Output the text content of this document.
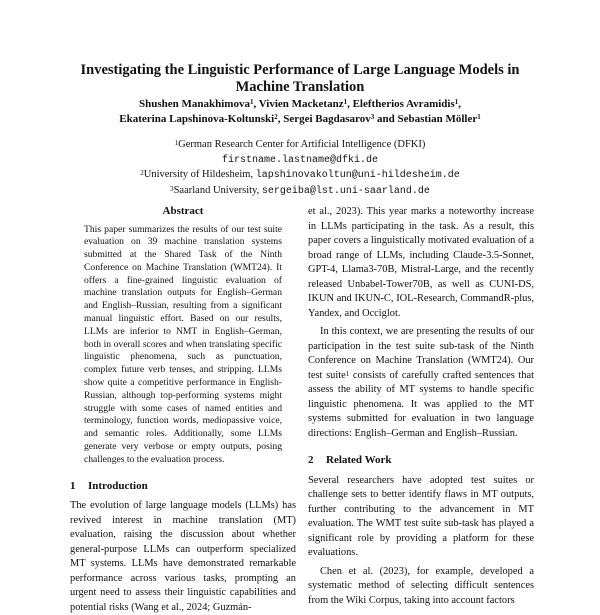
Investigating the Linguistic Performance of Large Language Models in Machine Translation
Shushen Manakhimova$^1$, Vivien Macketanz$^1$, Eleftherios Avramidis$^1$,
Ekaterina Lapshinova-Koltunski$^2$, Sergei Bagdasarov$^3$ and Sebastian Möller$^1$
$^1$German Research Center for Artificial Intelligence (DFKI)
firstname.lastname@dfki.de
$^2$University of Hildesheim, lapshinovakoltun@uni-hildesheim.de
$^3$Saarland University, sergeiba@lst.uni-saarland.de
Abstract
This paper summarizes the results of our test suite evaluation on 39 machine translation systems submitted at the Shared Task of the Ninth Conference on Machine Translation (WMT24). It offers a fine-grained linguistic evaluation of machine translation outputs for English–German and English–Russian, resulting from a significant manual linguistic effort. Based on our results, LLMs are inferior to NMT in English–German, both in overall scores and when translating specific linguistic phenomena, such as punctuation, complex future verb tenses, and stripping. LLMs show quite a competitive performance in English-Russian, although top-performing systems might struggle with some cases of named entities and terminology, function words, mediopassive voice, and semantic roles. Additionally, some LLMs generate very verbose or empty outputs, posing challenges to the evaluation process.
1 Introduction

The evolution of large language models (LLMs) has revived interest in machine translation (MT) evaluation, raising the discussion about whether general-purpose LLMs can outperform specialized MT systems. LLMs have demonstrated remarkable performance across various tasks, prompting an urgent need to assess their linguistic capabilities and potential risks (Wang et al., 2024; Guzmán-

et al., 2023). This year marks a noteworthy increase in LLMs participating in the task. As a result, this paper covers a linguistically motivated evaluation of a broad range of LLMs, including Claude-3.5-Sonnet, GPT-4, Llama3-70B, Mistral-Large, and the recently released Unbabel-Tower70B, as well as CUNI-DS, IKUN and IKUN-C, IOL-Research, CommandR-plus, Yandex, and Occiglot.

In this context, we are presenting the results of our participation in the test suite sub-task of the Ninth Conference on Machine Translation (WMT24). Our test suite$^1$ consists of carefully crafted sentences that assess the ability of MT systems to handle specific linguistic phenomena. It was applied to the MT systems submitted for evaluation in two language directions: English–German and English–Russian.

2 Related Work

Several researchers have adopted test suites or challenge sets to better identify flaws in MT outputs, further contributing to the advancement in MT evaluation. The WMT test suite sub-task has played a significant role by providing a platform for these evaluations.

Chen et al. (2023), for example, developed a systematic method of selecting difficult sentences from the Wiki Corpus, taking into account factors
